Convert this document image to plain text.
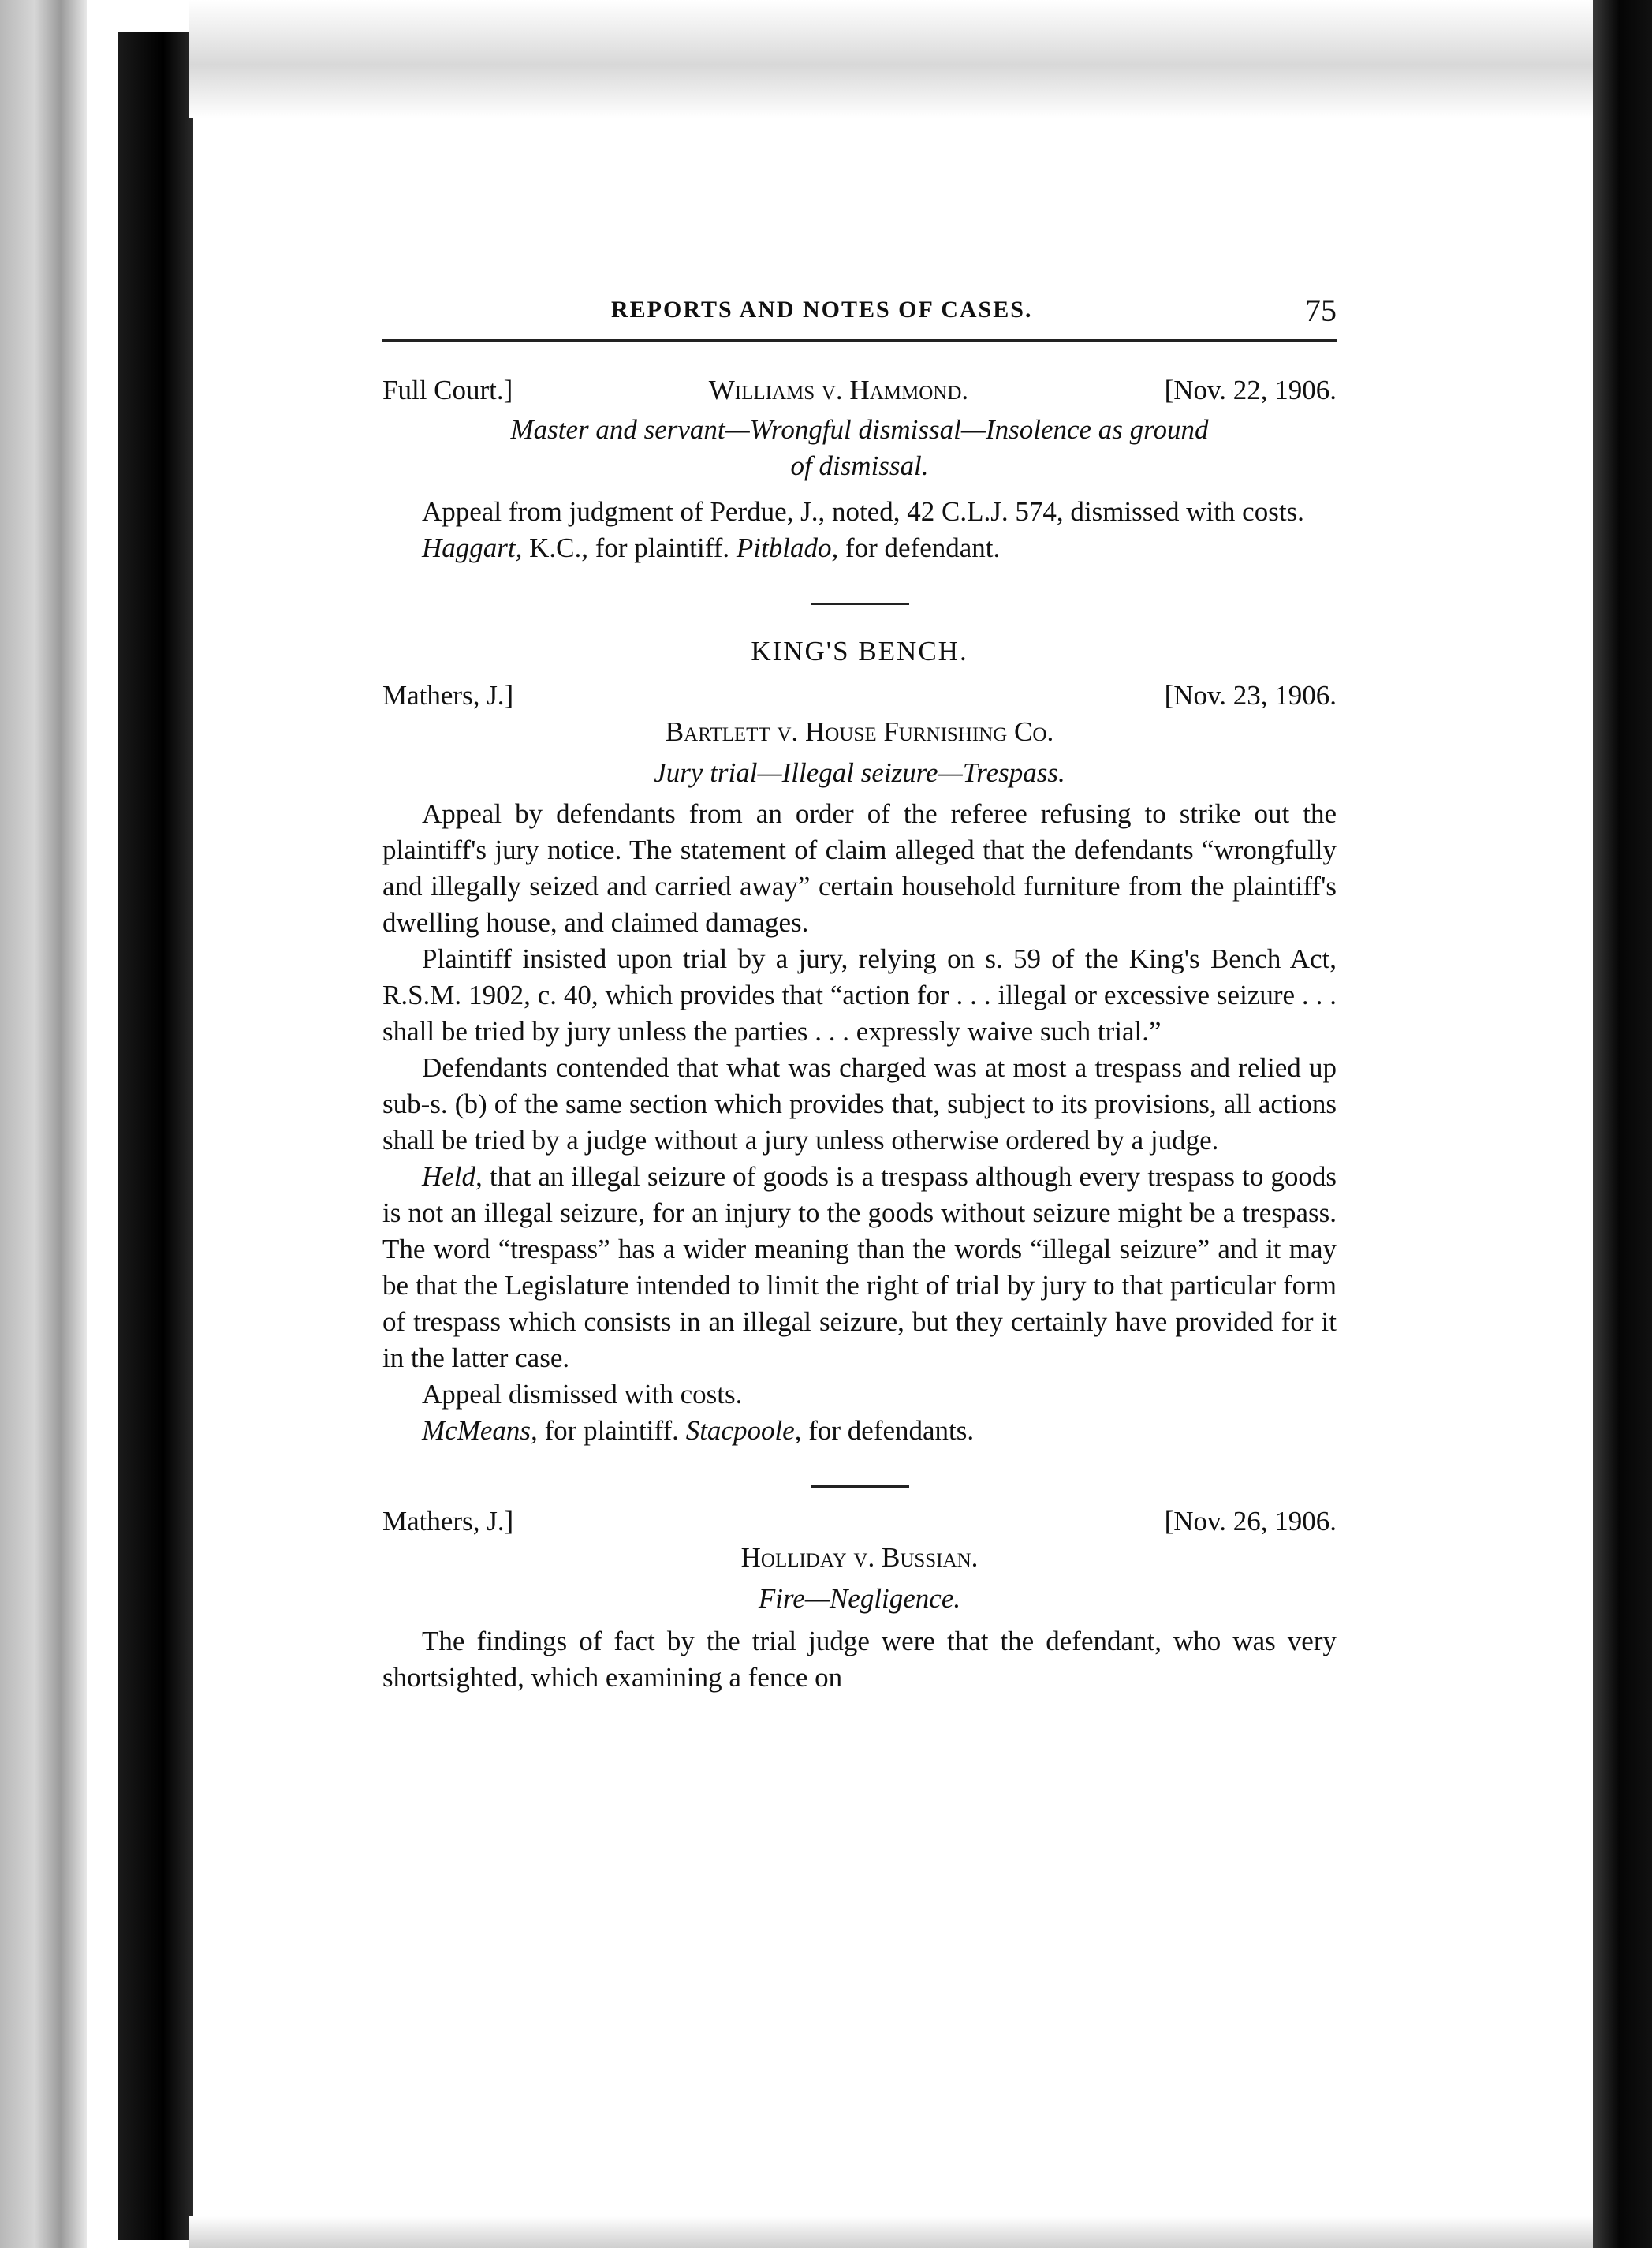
REPORTS AND NOTES OF CASES.	75
Full Court.]	Williams v. Hammond.	[Nov. 22, 1906.

Master and servant—Wrongful dismissal—Insolence as ground
of dismissal.

Appeal from judgment of Perdue, J., noted, 42 C.L.J. 574, dismissed with costs.

Haggart, K.C., for plaintiff. Pitblado, for defendant.

KING'S BENCH.
Mathers, J.]	[Nov. 23, 1906.
Bartlett v. House Furnishing Co.
Jury trial—Illegal seizure—Trespass.

Appeal by defendants from an order of the referee refusing to strike out the plaintiff's jury notice. The statement of claim alleged that the defendants “wrongfully and illegally seized and carried away” certain household furniture from the plaintiff's dwelling house, and claimed damages.

Plaintiff insisted upon trial by a jury, relying on s. 59 of the King's Bench Act, R.S.M. 1902, c. 40, which provides that “action for . . . illegal or excessive seizure . . . shall be tried by jury unless the parties . . . expressly waive such trial.”

Defendants contended that what was charged was at most a trespass and relied up sub-s. (b) of the same section which provides that, subject to its provisions, all actions shall be tried by a judge without a jury unless otherwise ordered by a judge.

Held, that an illegal seizure of goods is a trespass although every trespass to goods is not an illegal seizure, for an injury to the goods without seizure might be a trespass. The word “trespass” has a wider meaning than the words “illegal seizure” and it may be that the Legislature intended to limit the right of trial by jury to that particular form of trespass which consists in an illegal seizure, but they certainly have provided for it in the latter case.

Appeal dismissed with costs.

McMeans, for plaintiff. Stacpoole, for defendants.

Mathers, J.]	[Nov. 26, 1906.
Holliday v. Bussian.
Fire—Negligence.

The findings of fact by the trial judge were that the defendant, who was very shortsighted, which examining a fence on
